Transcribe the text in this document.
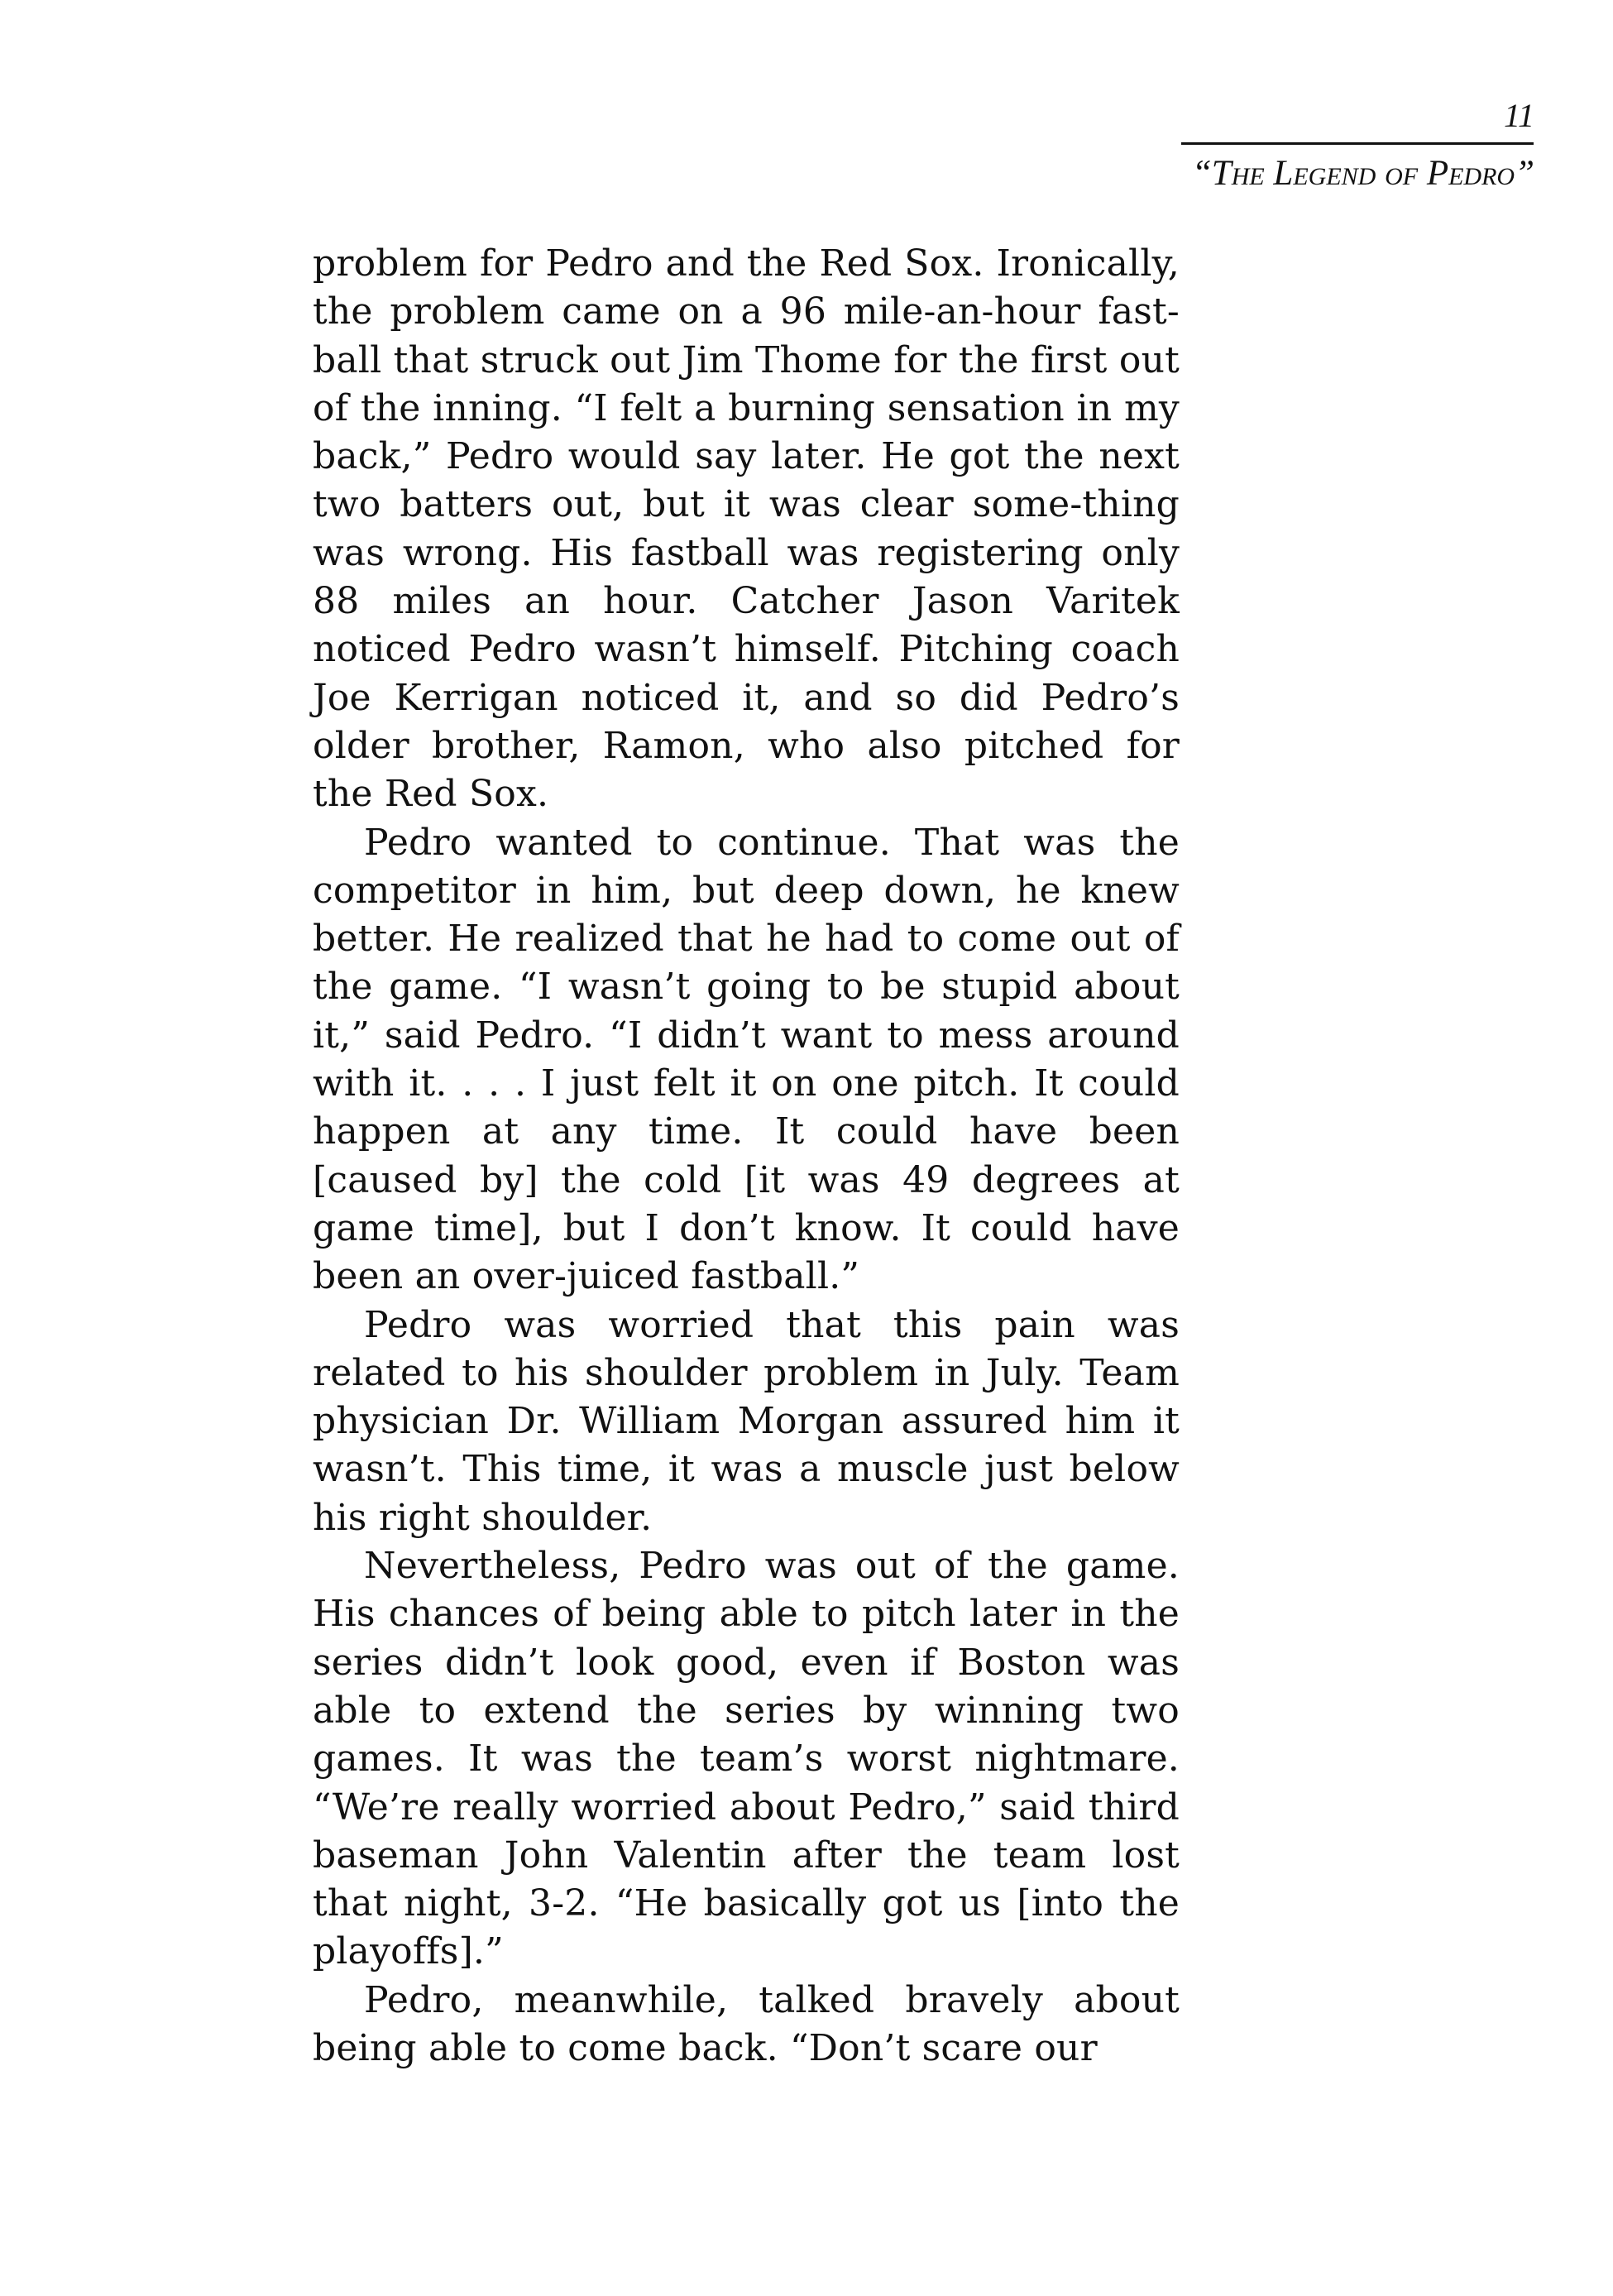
11
“The Legend of Pedro”

problem for Pedro and the Red Sox. Ironically, the problem came on a 96 mile-an-hour fast-ball that struck out Jim Thome for the first out of the inning. “I felt a burning sensation in my back,” Pedro would say later. He got the next two batters out, but it was clear some-thing was wrong. His fastball was registering only 88 miles an hour. Catcher Jason Varitek noticed Pedro wasn’t himself. Pitching coach Joe Kerrigan noticed it, and so did Pedro’s older brother, Ramon, who also pitched for the Red Sox.

Pedro wanted to continue. That was the competitor in him, but deep down, he knew better. He realized that he had to come out of the game. “I wasn’t going to be stupid about it,” said Pedro. “I didn’t want to mess around with it. . . . I just felt it on one pitch. It could happen at any time. It could have been [caused by] the cold [it was 49 degrees at game time], but I don’t know. It could have been an over-juiced fastball.”

Pedro was worried that this pain was related to his shoulder problem in July. Team physician Dr. William Morgan assured him it wasn’t. This time, it was a muscle just below his right shoulder.

Nevertheless, Pedro was out of the game. His chances of being able to pitch later in the series didn’t look good, even if Boston was able to extend the series by winning two games. It was the team’s worst nightmare. “We’re really worried about Pedro,” said third baseman John Valentin after the team lost that night, 3-2. “He basically got us [into the playoffs].”

Pedro, meanwhile, talked bravely about being able to come back. “Don’t scare our
